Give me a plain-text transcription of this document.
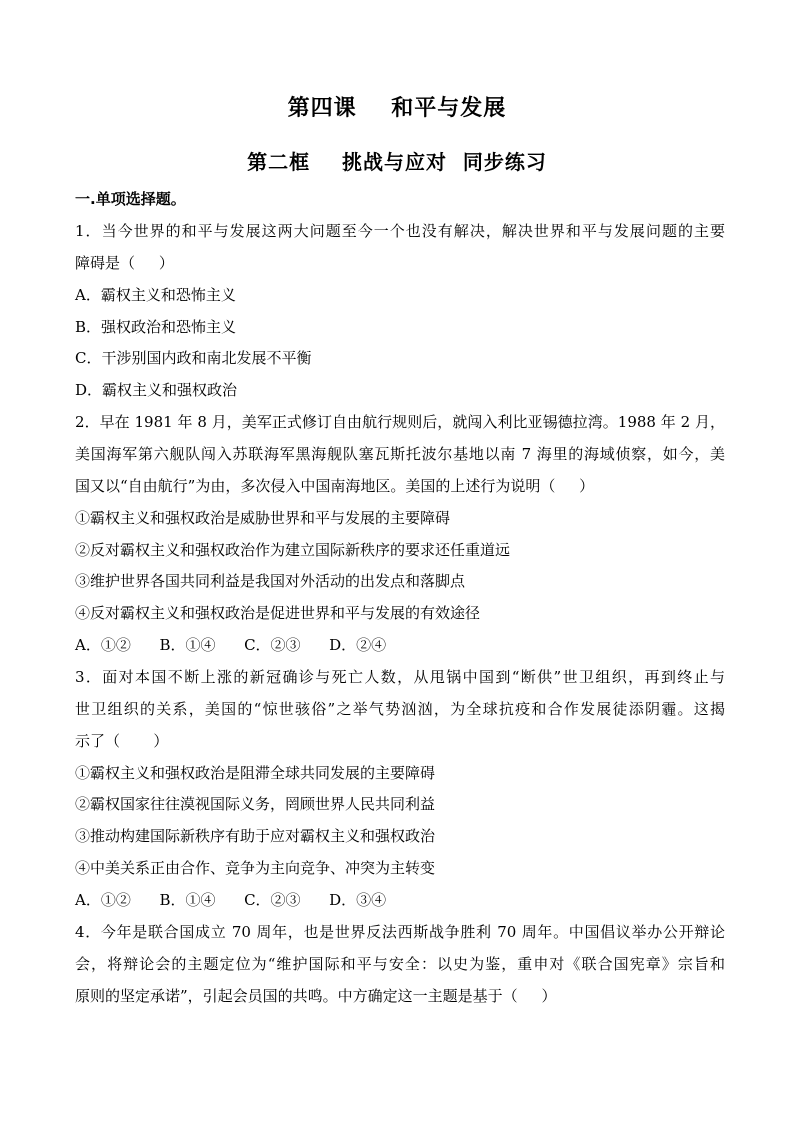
第四课    和平与发展
第二框    挑战与应对  同步练习
一.单项选择题。
1．当今世界的和平与发展这两大问题至今一个也没有解决，解决世界和平与发展问题的主要
障碍是（     ）
A．霸权主义和恐怖主义
B．强权政治和恐怖主义
C．干涉别国内政和南北发展不平衡
D．霸权主义和强权政治
2．早在 1981 年 8 月，美军正式修订自由航行规则后，就闯入利比亚锡德拉湾。1988 年 2 月，
美国海军第六舰队闯入苏联海军黑海舰队塞瓦斯托波尔基地以南 7 海里的海域侦察，如今，美
国又以“自由航行”为由，多次侵入中国南海地区。美国的上述行为说明（     ）
①霸权主义和强权政治是威胁世界和平与发展的主要障碍
②反对霸权主义和强权政治作为建立国际新秩序的要求还任重道远
③维护世界各国共同利益是我国对外活动的出发点和落脚点
④反对霸权主义和强权政治是促进世界和平与发展的有效途径
A．①②      B．①④      C．②③      D．②④
3．面对本国不断上涨的新冠确诊与死亡人数，从甩锅中国到“断供”世卫组织，再到终止与
世卫组织的关系，美国的“惊世骇俗”之举气势汹汹，为全球抗疫和合作发展徒添阴霾。这揭
示了（       ）
①霸权主义和强权政治是阻滞全球共同发展的主要障碍
②霸权国家往往漠视国际义务，罔顾世界人民共同利益
③推动构建国际新秩序有助于应对霸权主义和强权政治
④中美关系正由合作、竞争为主向竞争、冲突为主转变
A．①②      B．①④      C．②③      D．③④
4．今年是联合国成立 70 周年，也是世界反法西斯战争胜利 70 周年。中国倡议举办公开辩论
会，将辩论会的主题定位为“维护国际和平与安全：以史为鉴，重申对《联合国宪章》宗旨和
原则的坚定承诺”，引起会员国的共鸣。中方确定这一主题是基于（     ）
